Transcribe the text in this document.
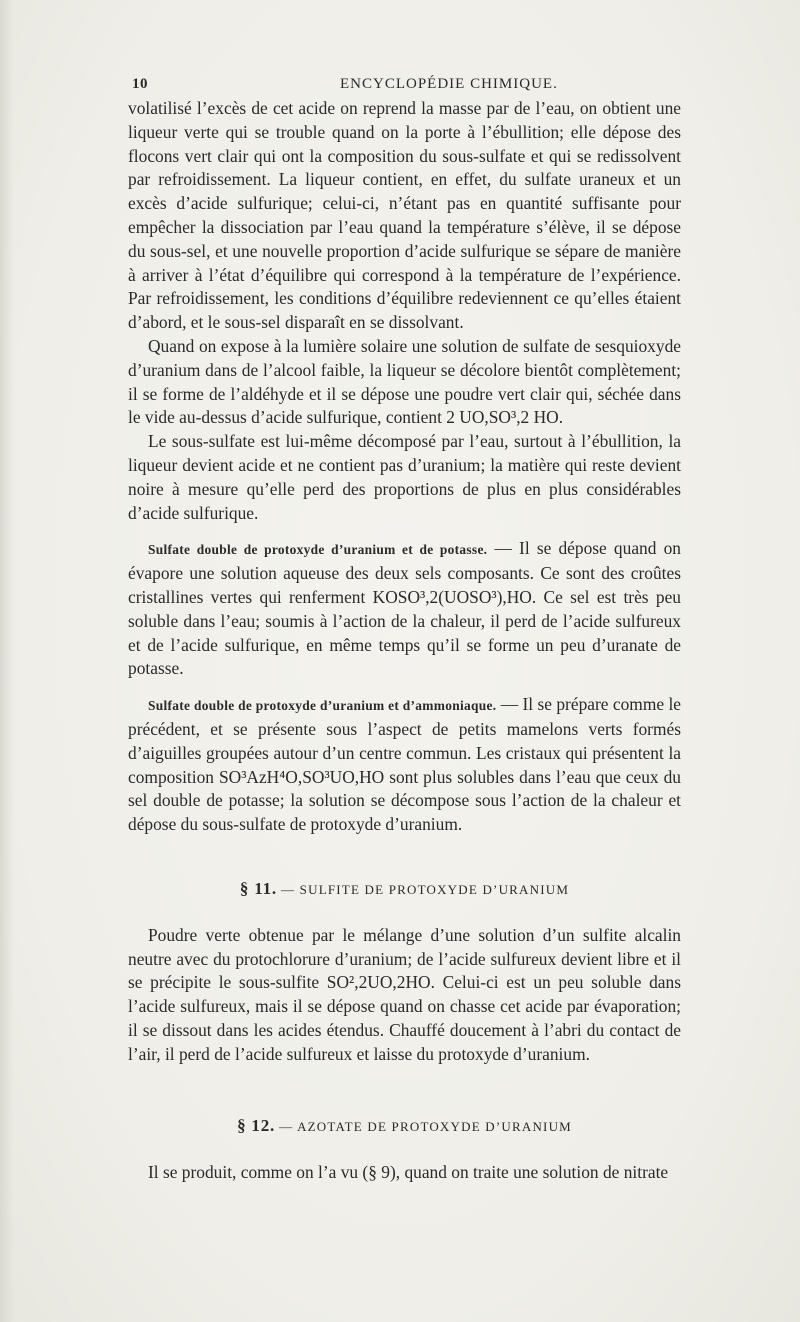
10	ENCYCLOPÉDIE CHIMIQUE.

volatilisé l’excès de cet acide on reprend la masse par de l’eau, on obtient une liqueur verte qui se trouble quand on la porte à l’ébullition; elle dépose des flocons vert clair qui ont la composition du sous-sulfate et qui se redissolvent par refroidissement. La liqueur contient, en effet, du sulfate uraneux et un excès d’acide sulfurique; celui-ci, n’étant pas en quantité suffisante pour empêcher la dissociation par l’eau quand la température s’élève, il se dépose du sous-sel, et une nouvelle proportion d’acide sulfurique se sépare de manière à arriver à l’état d’équilibre qui correspond à la température de l’expérience. Par refroidissement, les conditions d’équilibre redeviennent ce qu’elles étaient d’abord, et le sous-sel disparaît en se dissolvant.

Quand on expose à la lumière solaire une solution de sulfate de sesquioxyde d’uranium dans de l’alcool faible, la liqueur se décolore bientôt complètement; il se forme de l’aldéhyde et il se dépose une poudre vert clair qui, séchée dans le vide au-dessus d’acide sulfurique, contient 2 UO,SO³,2 HO.

Le sous-sulfate est lui-même décomposé par l’eau, surtout à l’ébullition, la liqueur devient acide et ne contient pas d’uranium; la matière qui reste devient noire à mesure qu’elle perd des proportions de plus en plus considérables d’acide sulfurique.

Sulfate double de protoxyde d’uranium et de potasse. — Il se dépose quand on évapore une solution aqueuse des deux sels composants. Ce sont des croûtes cristallines vertes qui renferment KOSO³,2(UOSO³),HO. Ce sel est très peu soluble dans l’eau; soumis à l’action de la chaleur, il perd de l’acide sulfureux et de l’acide sulfurique, en même temps qu’il se forme un peu d’uranate de potasse.

Sulfate double de protoxyde d’uranium et d’ammoniaque. — Il se prépare comme le précédent, et se présente sous l’aspect de petits mamelons verts formés d’aiguilles groupées autour d’un centre commun. Les cristaux qui présentent la composition SO³AzH⁴O,SO³UO,HO sont plus solubles dans l’eau que ceux du sel double de potasse; la solution se décompose sous l’action de la chaleur et dépose du sous-sulfate de protoxyde d’uranium.

§ 11. — SULFITE DE PROTOXYDE D’URANIUM

Poudre verte obtenue par le mélange d’une solution d’un sulfite alcalin neutre avec du protochlorure d’uranium; de l’acide sulfureux devient libre et il se précipite le sous-sulfite SO²,2UO,2HO. Celui-ci est un peu soluble dans l’acide sulfureux, mais il se dépose quand on chasse cet acide par évaporation; il se dissout dans les acides étendus. Chauffé doucement à l’abri du contact de l’air, il perd de l’acide sulfureux et laisse du protoxyde d’uranium.

§ 12. — AZOTATE DE PROTOXYDE D’URANIUM

Il se produit, comme on l’a vu (§ 9), quand on traite une solution de nitrate
